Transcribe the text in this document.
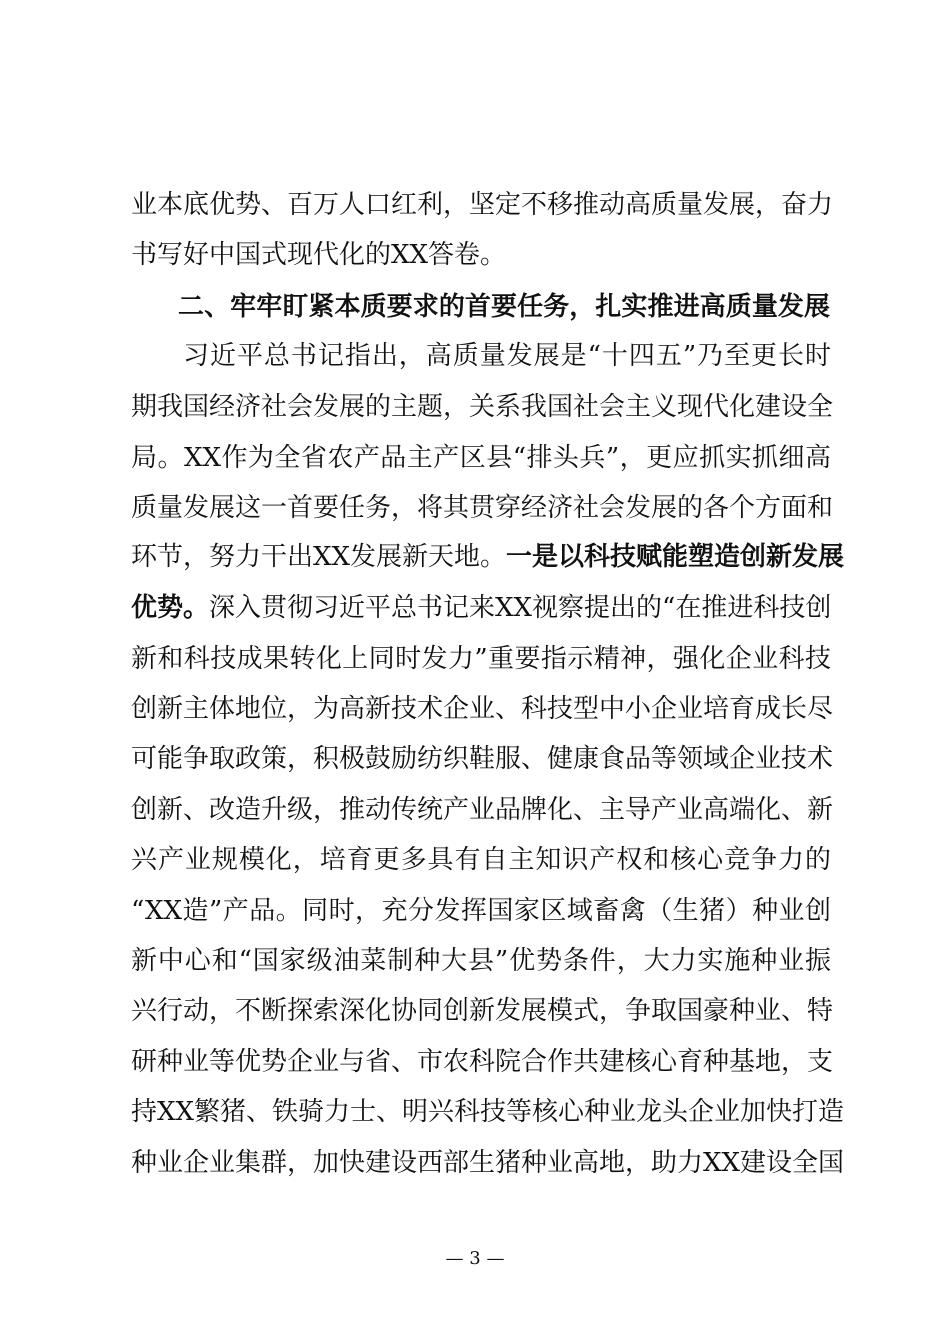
业本底优势、百万人口红利，坚定不移推动高质量发展，奋力
书写好中国式现代化的XX答卷。
二、牢牢盯紧本质要求的首要任务，扎实推进高质量发展
习近平总书记指出，高质量发展是“十四五”乃至更长时
期我国经济社会发展的主题，关系我国社会主义现代化建设全
局。XX作为全省农产品主产区县“排头兵”，更应抓实抓细高
质量发展这一首要任务，将其贯穿经济社会发展的各个方面和
环节，努力干出XX发展新天地。一是以科技赋能塑造创新发展
优势。深入贯彻习近平总书记来XX视察提出的“在推进科技创
新和科技成果转化上同时发力”重要指示精神，强化企业科技
创新主体地位，为高新技术企业、科技型中小企业培育成长尽
可能争取政策，积极鼓励纺织鞋服、健康食品等领域企业技术
创新、改造升级，推动传统产业品牌化、主导产业高端化、新
兴产业规模化，培育更多具有自主知识产权和核心竞争力的
“XX造”产品。同时，充分发挥国家区域畜禽（生猪）种业创
新中心和“国家级油菜制种大县”优势条件，大力实施种业振
兴行动，不断探索深化协同创新发展模式，争取国豪种业、特
研种业等优势企业与省、市农科院合作共建核心育种基地，支
持XX繁猪、铁骑力士、明兴科技等核心种业龙头企业加快打造
种业企业集群，加快建设西部生猪种业高地，助力XX建设全国
— 3 —
